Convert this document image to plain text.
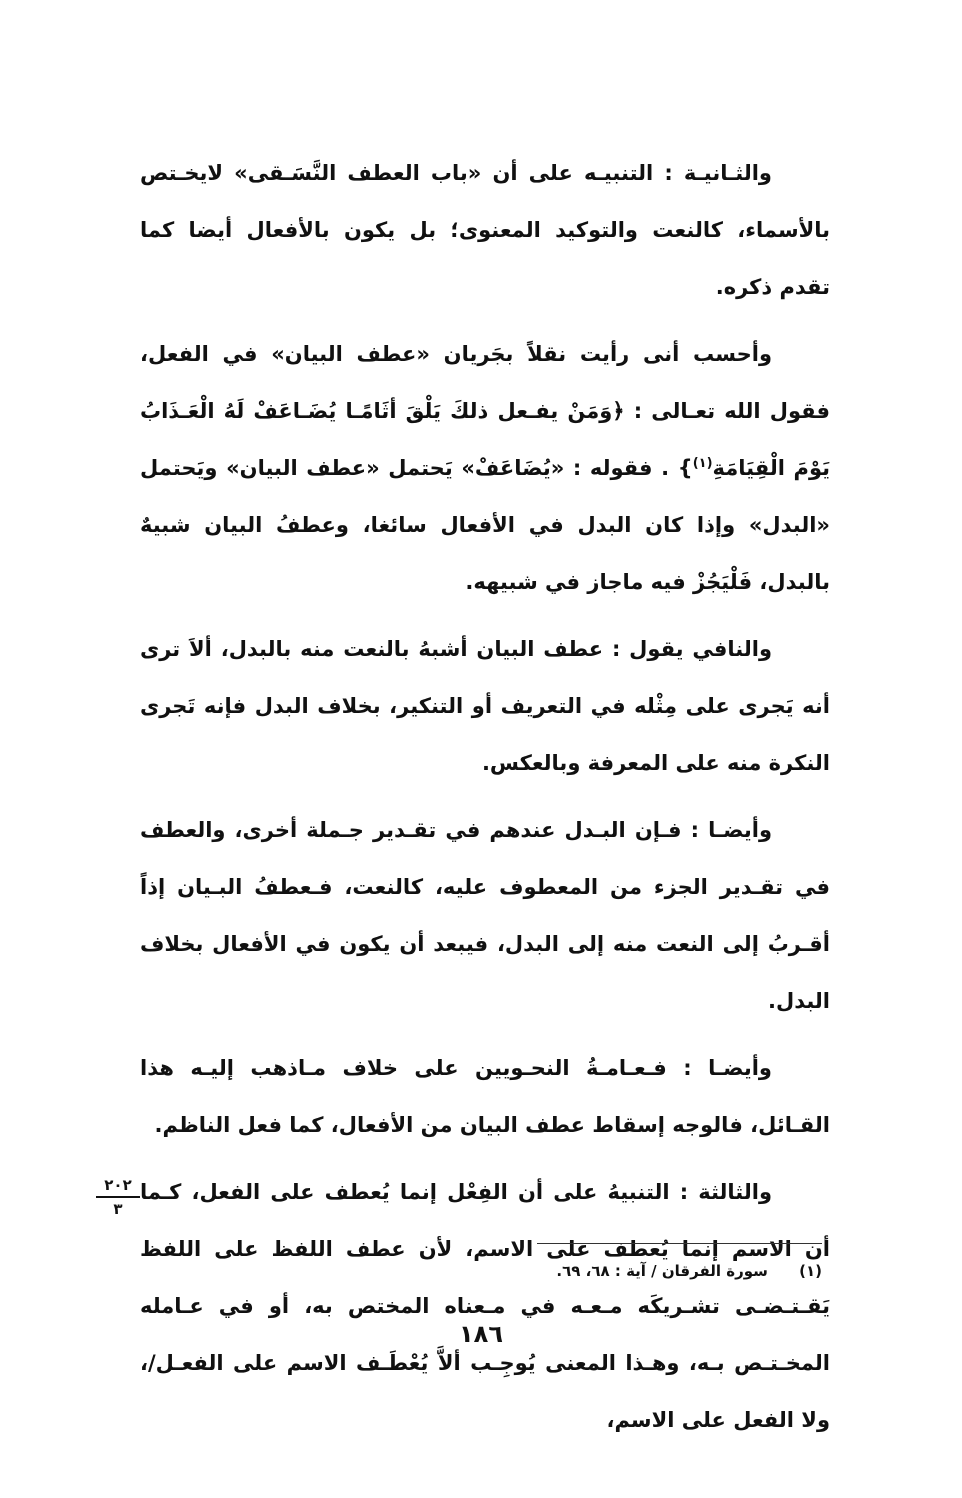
والثـانيـة : التنبيـه على أن «باب العطف النَّسَـقى» لايخـتص بالأسماء، كالنعت والتوكيد المعنوى؛ بل يكون بالأفعال أيضا كما تقدم ذكره.

وأحسب أنى رأيت نقلاً بجَريان «عطف البيان» في الفعل، فقول الله تعـالى : ﴿وَمَنْ يفـعل ذلكَ يَلْقَ أثَامًـا يُضَـاعَفْ لَهُ الْعَـذَابُ يَوْمَ الْقِيَامَةِ$^{(١)}$} . فقوله : «يُضَاعَفْ» يَحتمل «عطف البيان» ويَحتمل «البدل» وإذا كان البدل في الأفعال سائغا، وعطفُ البيان شبيهٌ بالبدل، فَلْيَجُزْ فيه ماجاز في شبيهه.

والنافي يقول : عطف البيان أشبهُ بالنعت منه بالبدل، ألاَ ترى أنه يَجرى على مِثْله في التعريف أو التنكير، بخلاف البدل فإنه تَجرى النكرة منه على المعرفة وبالعكس.

وأيضـا : فـإن البـدل عندهم في تقـدير جـملة أخرى، والعطف في تقـدير الجزء من المعطوف عليه، كالنعت، فـعطفُ البـيان إذاً أقـربُ إلى النعت منه إلى البدل، فيبعد أن يكون في الأفعال بخلاف البدل.

وأيضـا : فـعـامـةُ النحـويين على خلاف مـاذهب إليـه هذا القـائل، فالوجه إسقاط عطف البيان من الأفعال، كما فعل الناظم.

والثالثة : التنبيهُ على أن الفِعْل إنما يُعطف على الفعل، كـما أن الاسم إنما يُعطف على الاسم، لأن عطف اللفظ على اللفظ يَقـتـضـى تشـريكَه مـعـه في مـعناه المختص به، أو في عـامله المخـتـص بـه، وهـذا المعنى يُوجِـب ألاَّ يُعْطَـف الاسم على الفعـل/، ولا الفعل على الاسم،

٢٠٢
٣
(١) سورة الفرقان / آية : ٦٨، ٦٩.
١٨٦
